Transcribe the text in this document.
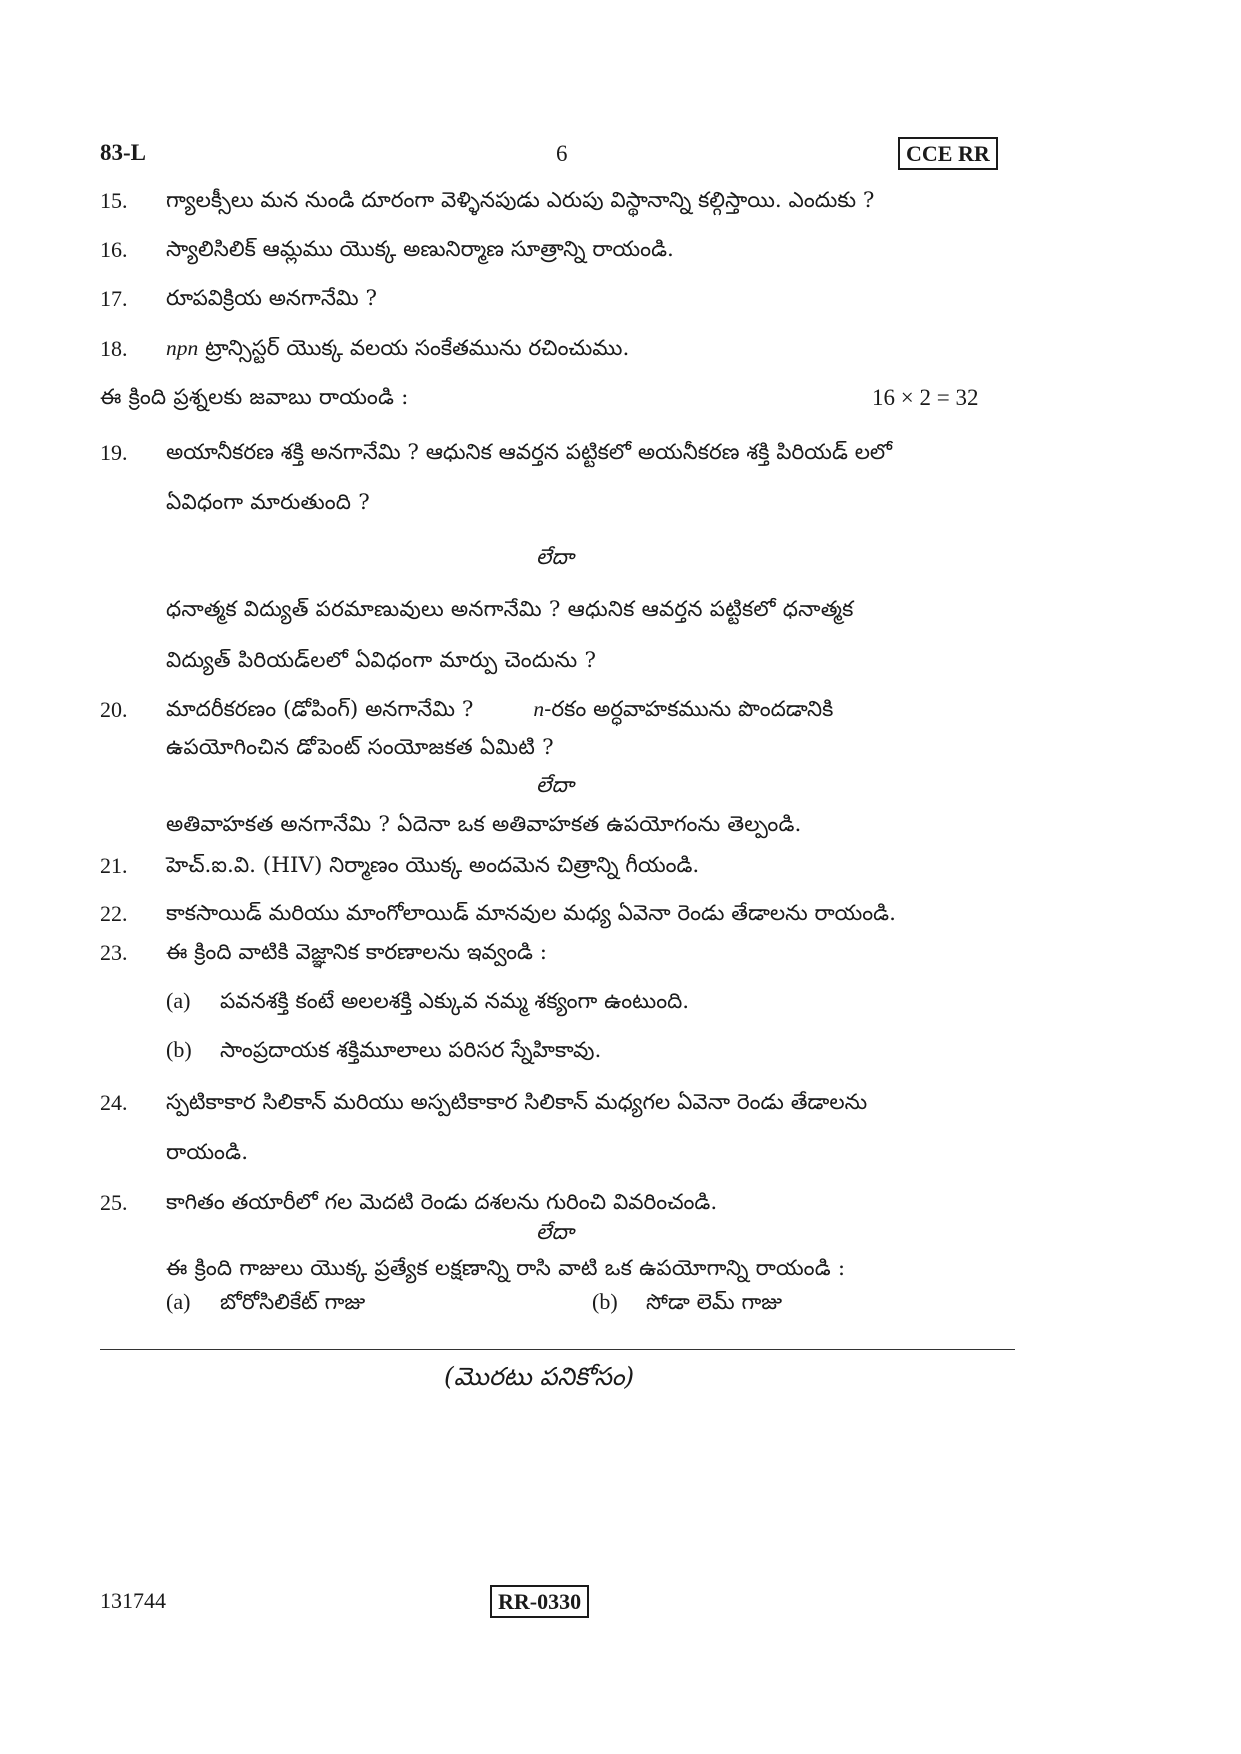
83-L	6	CCE RR
15. గ్యాలక్సీలు మన నుండి దూరంగా వెళ్ళినపుడు ఎరుపు విస్థానాన్ని కల్గిస్తాయి. ఎందుకు ?
16. స్యాలిసిలిక్ ఆమ్లము యొక్క అణునిర్మాణ సూత్రాన్ని రాయండి.
17. రూపవిక్రియ అనగానేమి ?
18. npn ట్రాన్సిస్టర్ యొక్క వలయ సంకేతమును రచించుము.
ఈ క్రింది ప్రశ్నలకు జవాబు రాయండి :	16 × 2 = 32
19. అయానీకరణ శక్తి అనగానేమి ? ఆధునిక ఆవర్తన పట్టికలో అయనీకరణ శక్తి పిరియడ్ లలో
ఏవిధంగా మారుతుంది ?
లేదా
ధనాత్మక విద్యుత్ పరమాణువులు అనగానేమి ? ఆధునిక ఆవర్తన పట్టికలో ధనాత్మక
విద్యుత్ పిరియడ్‌లలో ఏవిధంగా మార్పు చెందును ?
20. మాదరీకరణం (డోపింగ్) అనగానేమి ?	n-రకం అర్ధవాహకమును పొందడానికి
ఉపయోగించిన డోపెంట్ సంయోజకత ఏమిటి ?
లేదా
అతివాహకత అనగానేమి ? ఏదెనా ఒక అతివాహకత ఉపయోగంను తెల్పండి.
21. హెచ్.ఐ.వి. (HIV) నిర్మాణం యొక్క అందమెన చిత్రాన్ని గీయండి.
22. కాకసాయిడ్ మరియు మాంగోలాయిడ్ మానవుల మధ్య ఏవెనా రెండు తేడాలను రాయండి.
23. ఈ క్రింది వాటికి వెజ్ఞానిక కారణాలను ఇవ్వండి :
(a) పవనశక్తి కంటే అలలశక్తి ఎక్కువ నమ్మ శక్యంగా ఉంటుంది.
(b) సాంప్రదాయక శక్తిమూలాలు పరిసర స్నేహికావు.
24. స్పటికాకార సిలికాన్ మరియు అస్పటికాకార సిలికాన్ మధ్యగల ఏవెనా రెండు తేడాలను
రాయండి.
25. కాగితం తయారీలో గల మెదటి రెండు దశలను గురించి వివరించండి.
లేదా
ఈ క్రింది గాజులు యొక్క ప్రత్యేక లక్షణాన్ని రాసి వాటి ఒక ఉపయోగాన్ని రాయండి :
(a) బోరోసిలికేట్ గాజు	(b) సోడా లెమ్ గాజు
(మొరటు పనికోసం)
131744	RR-0330
